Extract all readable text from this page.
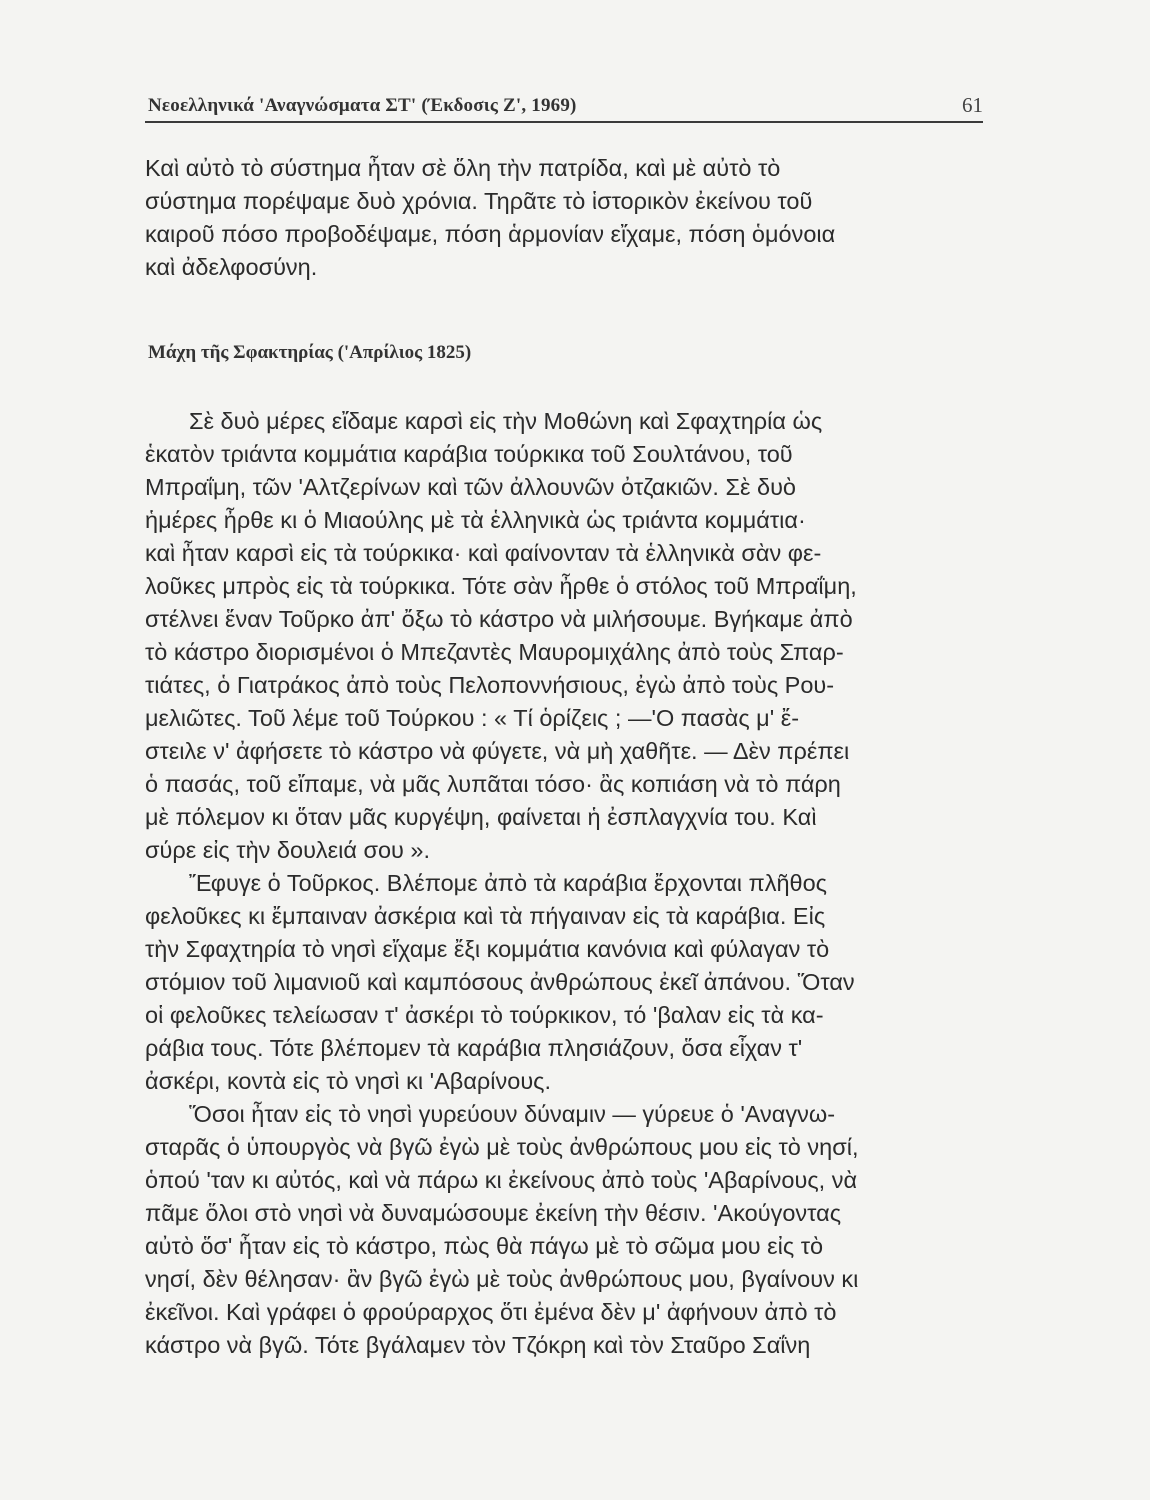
Νεοελληνικά 'Αναγνώσματα ΣΤ' (Έκδοσις Ζ', 1969)	61
Καὶ αὐτὸ τὸ σύστημα ἦταν σὲ ὅλη τὴν πατρίδα, καὶ μὲ αὐτὸ τὸ
σύστημα πορέψαμε δυὸ χρόνια. Τηρᾶτε τὸ ἱστορικὸν ἐκείνου τοῦ
καιροῦ πόσο προβοδέψαμε, πόση ἁρμονίαν εἴχαμε, πόση ὁμόνοια
καὶ ἀδελφοσύνη.
Μάχη τῆς Σφακτηρίας ('Απρίλιος 1825)
Σὲ δυὸ μέρες εἴδαμε καρσὶ εἰς τὴν Μοθώνη καὶ Σφαχτηρία ὡς
ἑκατὸν τριάντα κομμάτια καράβια τούρκικα τοῦ Σουλτάνου, τοῦ
Μπραΐμη, τῶν 'Αλτζερίνων καὶ τῶν ἀλλουνῶν ὀτζακιῶν. Σὲ δυὸ
ἡμέρες ἦρθε κι ὁ Μιαούλης μὲ τὰ ἑλληνικὰ ὡς τριάντα κομμάτια·
καὶ ἦταν καρσὶ εἰς τὰ τούρκικα· καὶ φαίνονταν τὰ ἑλληνικὰ σὰν φε-
λοῦκες μπρὸς εἰς τὰ τούρκικα. Τότε σὰν ἦρθε ὁ στόλος τοῦ Μπραΐμη,
στέλνει ἕναν Τοῦρκο ἀπ' ὄξω τὸ κάστρο νὰ μιλήσουμε. Βγήκαμε ἀπὸ
τὸ κάστρο διορισμένοι ὁ Μπεζαντὲς Μαυρομιχάλης ἀπὸ τοὺς Σπαρ-
τιάτες, ὁ Γιατράκος ἀπὸ τοὺς Πελοποννήσιους, ἐγὼ ἀπὸ τοὺς Ρου-
μελιῶτες. Τοῦ λέμε τοῦ Τούρκου : « Τί ὁρίζεις ; —'Ο πασὰς μ' ἔ-
στειλε ν' ἀφήσετε τὸ κάστρο νὰ φύγετε, νὰ μὴ χαθῆτε. — Δὲν πρέπει
ὁ πασάς, τοῦ εἴπαμε, νὰ μᾶς λυπᾶται τόσο· ἂς κοπιάση νὰ τὸ πάρη
μὲ πόλεμον κι ὅταν μᾶς κυργέψη, φαίνεται ἡ ἐσπλαγχνία του. Καὶ
σύρε εἰς τὴν δουλειά σου ».
Ἔφυγε ὁ Τοῦρκος. Βλέπομε ἀπὸ τὰ καράβια ἔρχονται πλῆθος
φελοῦκες κι ἔμπαιναν ἀσκέρια καὶ τὰ πήγαιναν εἰς τὰ καράβια. Εἰς
τὴν Σφαχτηρία τὸ νησὶ εἴχαμε ἔξι κομμάτια κανόνια καὶ φύλαγαν τὸ
στόμιον τοῦ λιμανιοῦ καὶ καμπόσους ἀνθρώπους ἐκεῖ ἀπάνου. Ὅταν
οἱ φελοῦκες τελείωσαν τ' ἀσκέρι τὸ τούρκικον, τό 'βαλαν εἰς τὰ κα-
ράβια τους. Τότε βλέπομεν τὰ καράβια πλησιάζουν, ὅσα εἶχαν τ'
ἀσκέρι, κοντὰ εἰς τὸ νησὶ κι 'Αβαρίνους.
Ὅσοι ἦταν εἰς τὸ νησὶ γυρεύουν δύναμιν — γύρευε ὁ 'Αναγνω-
σταρᾶς ὁ ὑπουργὸς νὰ βγῶ ἐγὼ μὲ τοὺς ἀνθρώπους μου εἰς τὸ νησί,
ὁπού 'ταν κι αὐτός, καὶ νὰ πάρω κι ἐκείνους ἀπὸ τοὺς 'Αβαρίνους, νὰ
πᾶμε ὅλοι στὸ νησὶ νὰ δυναμώσουμε ἐκείνη τὴν θέσιν. 'Ακούγοντας
αὐτὸ ὅσ' ἦταν εἰς τὸ κάστρο, πὼς θὰ πάγω μὲ τὸ σῶμα μου εἰς τὸ
νησί, δὲν θέλησαν· ἂν βγῶ ἐγὼ μὲ τοὺς ἀνθρώπους μου, βγαίνουν κι
ἐκεῖνοι. Καὶ γράφει ὁ φρούραρχος ὅτι ἐμένα δὲν μ' ἀφήνουν ἀπὸ τὸ
κάστρο νὰ βγῶ. Τότε βγάλαμεν τὸν Τζόκρη καὶ τὸν Σταῦρο Σαΐνη
